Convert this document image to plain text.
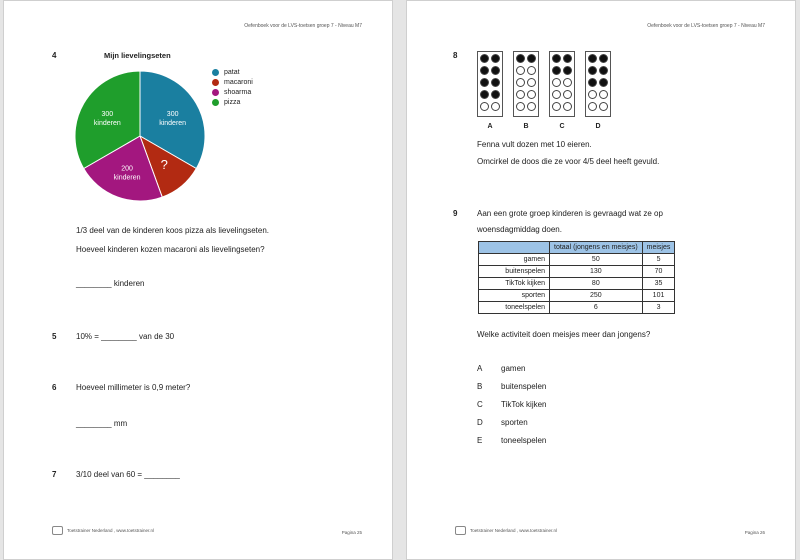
Oefenboek voor de LVS-toetsen groep 7 - Niveau M7
4	Mijn lievelingseten
300 kinderen
?
200 kinderen
300 kinderen
patat
macaroni
shoarma
pizza
1/3 deel van de kinderen koos pizza als lievelingseten.
Hoeveel kinderen kozen macaroni als lievelingseten?
________ kinderen
5 10% = ________ van de 30
6 Hoeveel millimeter is 0,9 meter?
________ mm
7 3/10 deel van 60 = ________
Toetstrainer Nederland , www.toetstrainer.nl	Pagina 25
Oefenboek voor de LVS-toetsen groep 7 - Niveau M7
8
A	B	C	D
Fenna vult dozen met 10 eieren.
Omcirkel de doos die ze voor 4/5 deel heeft gevuld.
9 Aan een grote groep kinderen is gevraagd wat ze op
woensdagmiddag doen.
	totaal (jongens en meisjes)	meisjes
gamen	50	5
buitenspelen	130	70
TikTok kijken	80	35
sporten	250	101
toneelspelen	6	3
Welke activiteit doen meisjes meer dan jongens?
A gamen
B buitenspelen
C TikTok kijken
D sporten
E toneelspelen
Toetstrainer Nederland , www.toetstrainer.nl	Pagina 26
